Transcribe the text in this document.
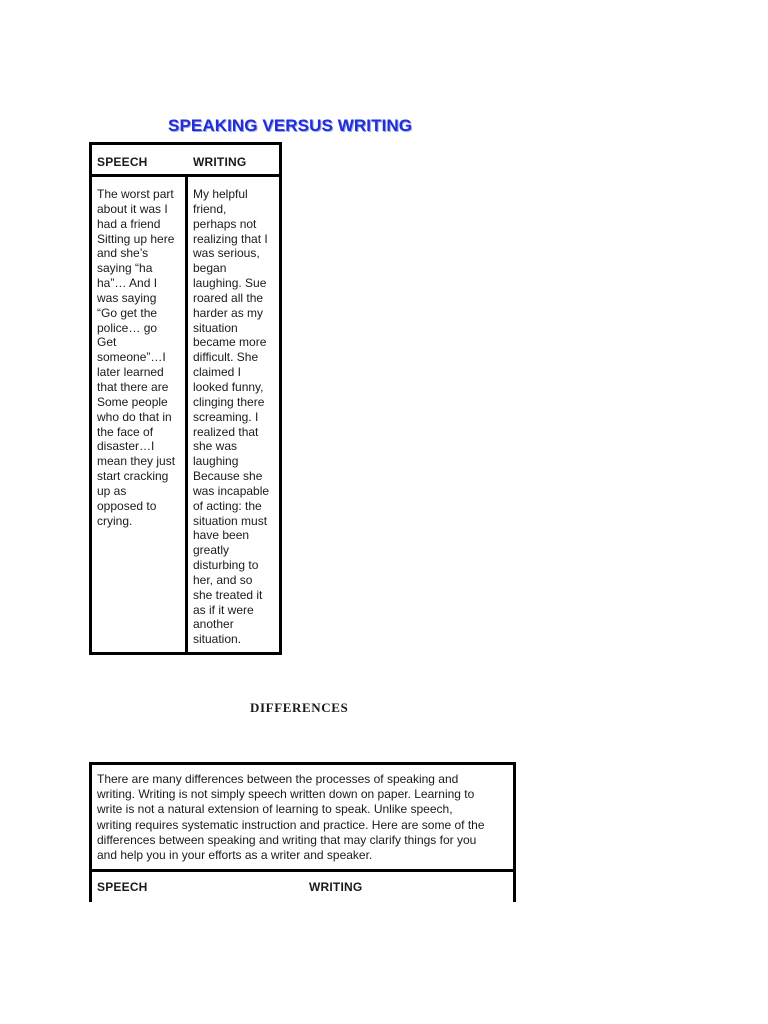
SPEAKING VERSUS WRITING
SPEECH	WRITING
The worst part
about it was I
had a friend
Sitting up here
and she’s
saying “ha
ha”… And I
was saying
“Go get the
police… go
Get
someone”…I
later learned
that there are
Some people
who do that in
the face of
disaster…I
mean they just
start cracking
up as
opposed to
crying.
My helpful
friend,
perhaps not
realizing that I
was serious,
began
laughing. Sue
roared all the
harder as my
situation
became more
difficult. She
claimed I
looked funny,
clinging there
screaming. I
realized that
she was
laughing
Because she
was incapable
of acting: the
situation must
have been
greatly
disturbing to
her, and so
she treated it
as if it were
another
situation.
DIFFERENCES
There are many differences between the processes of speaking and
writing. Writing is not simply speech written down on paper. Learning to
write is not a natural extension of learning to speak. Unlike speech,
writing requires systematic instruction and practice. Here are some of the
differences between speaking and writing that may clarify things for you
and help you in your efforts as a writer and speaker.
SPEECH	WRITING
